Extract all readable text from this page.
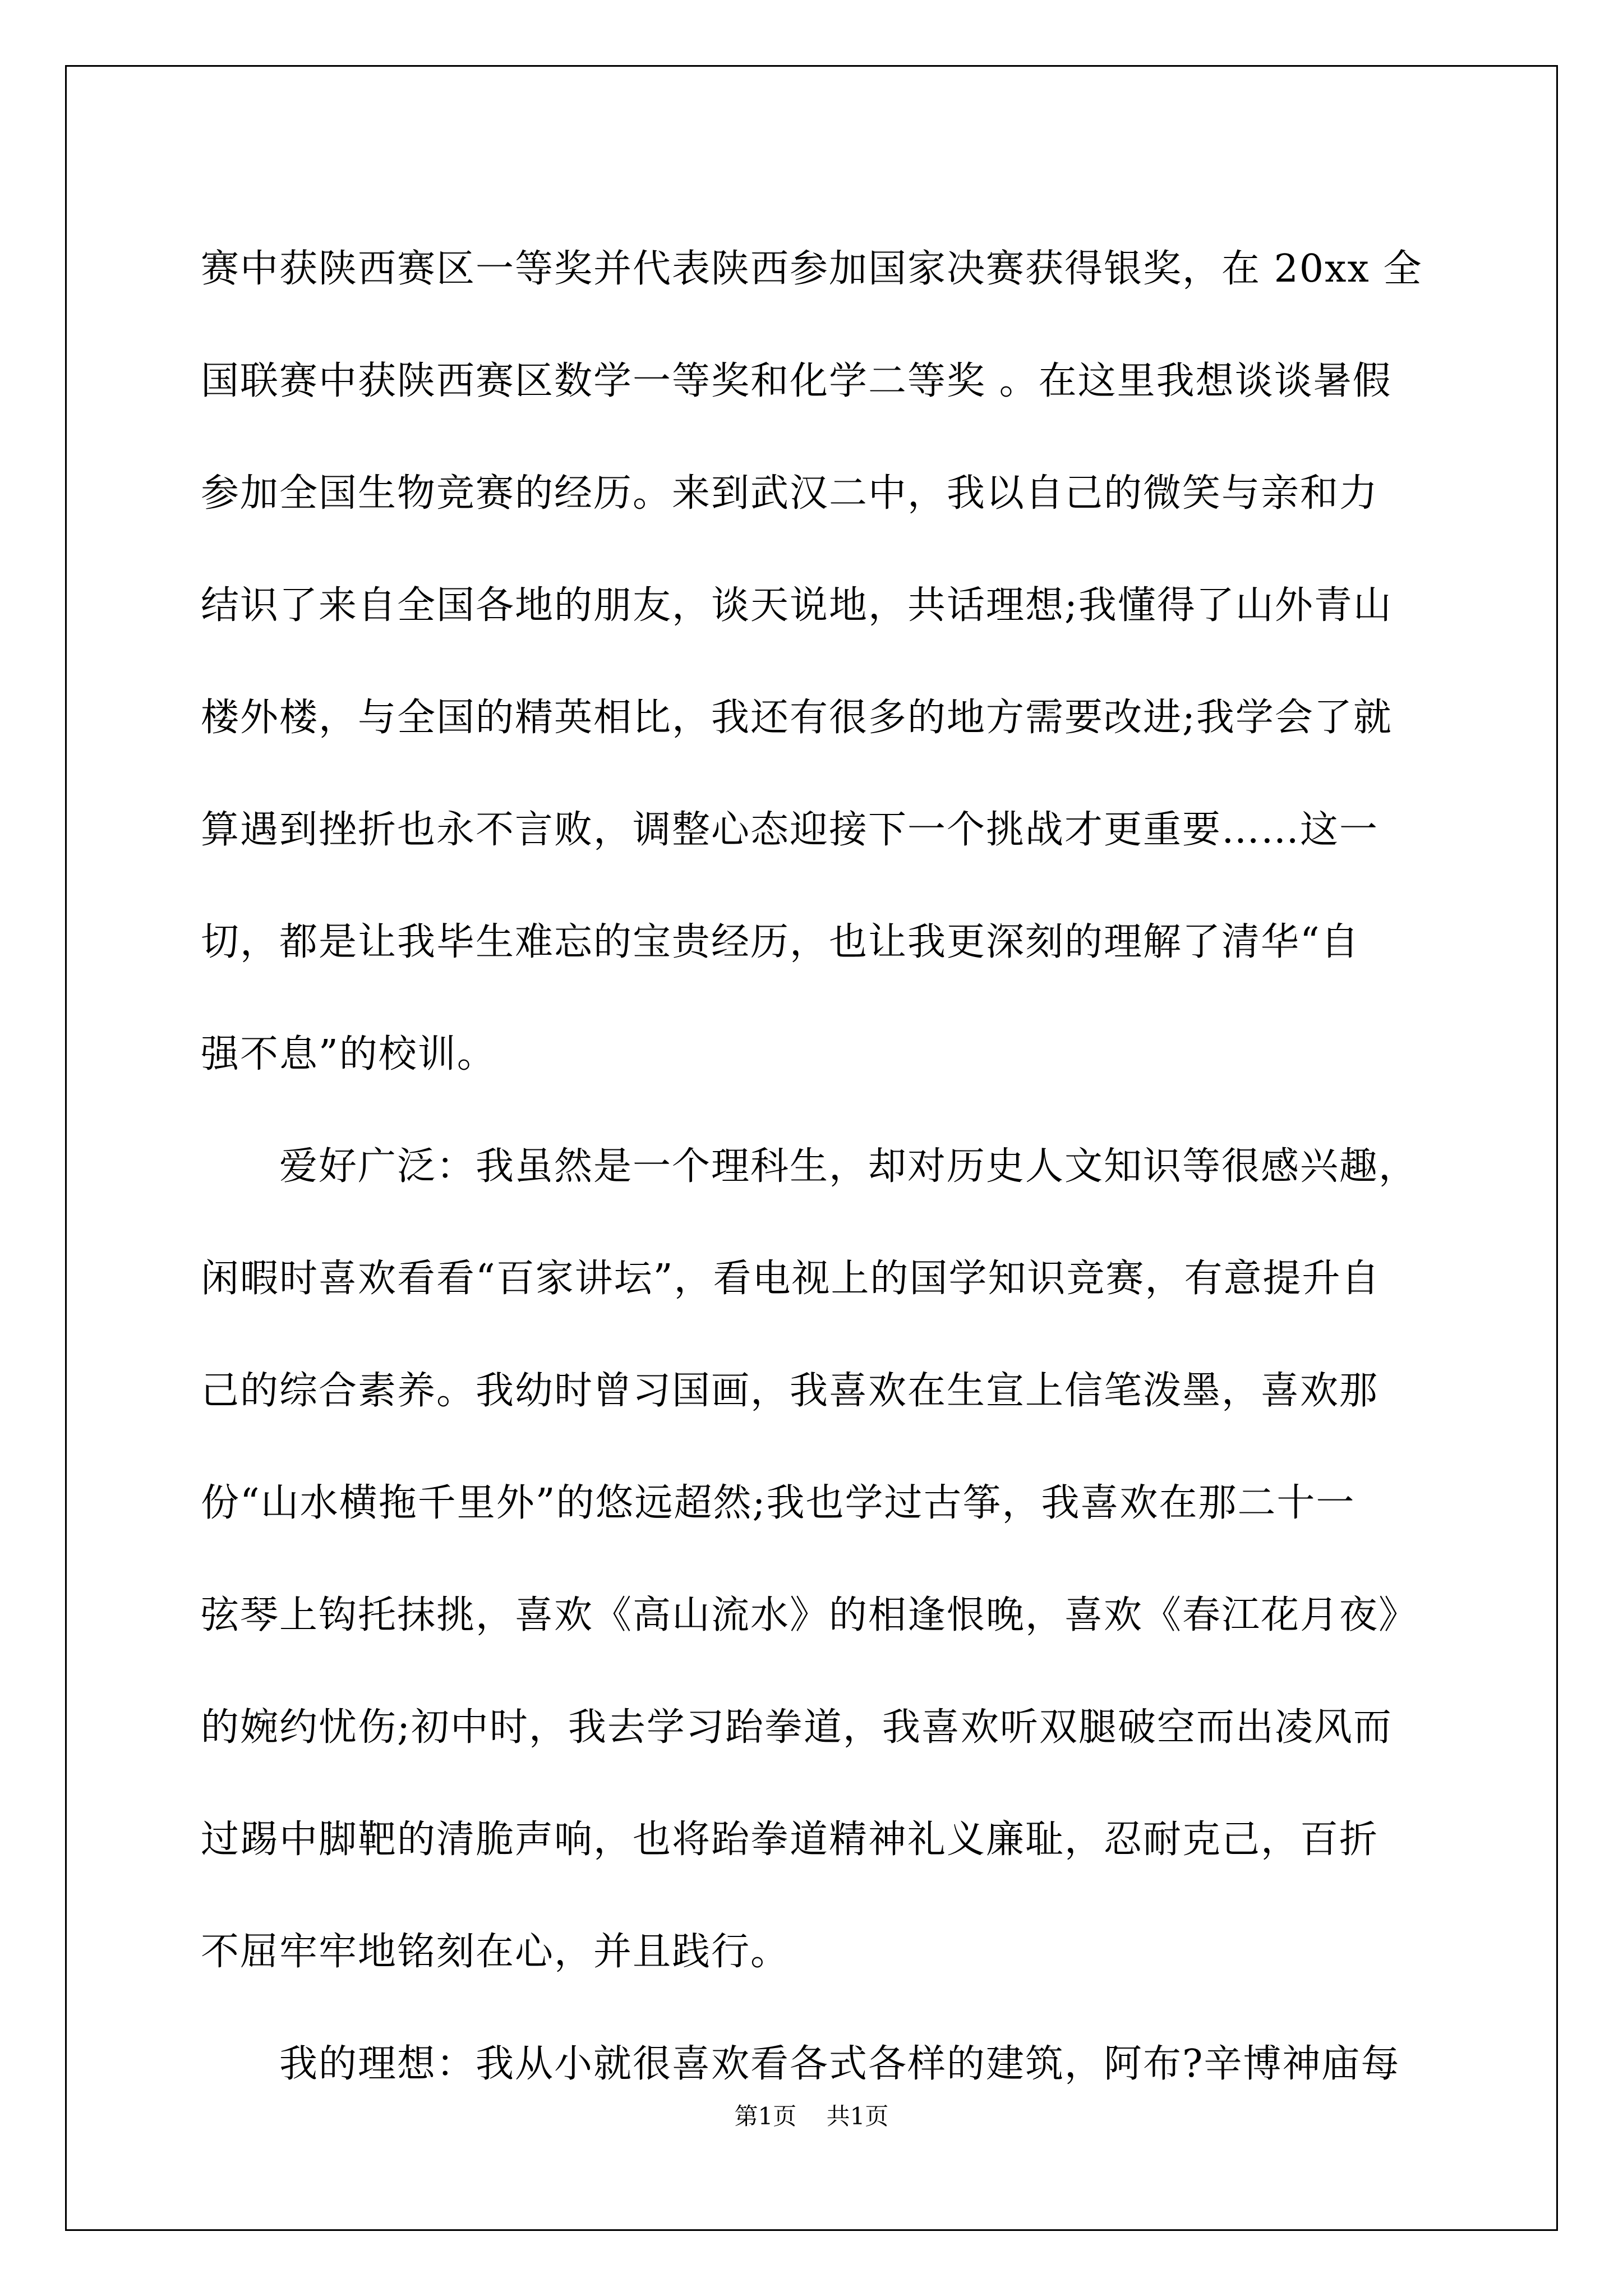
赛中获陕西赛区一等奖并代表陕西参加国家决赛获得银奖，在 20xx 全
国联赛中获陕西赛区数学一等奖和化学二等奖 。在这里我想谈谈暑假
参加全国生物竞赛的经历。来到武汉二中，我以自己的微笑与亲和力
结识了来自全国各地的朋友，谈天说地，共话理想;我懂得了山外青山
楼外楼，与全国的精英相比，我还有很多的地方需要改进;我学会了就
算遇到挫折也永不言败，调整心态迎接下一个挑战才更重要……这一
切，都是让我毕生难忘的宝贵经历，也让我更深刻的理解了清华“自
强不息”的校训。
爱好广泛：我虽然是一个理科生，却对历史人文知识等很感兴趣，
闲暇时喜欢看看“百家讲坛”，看电视上的国学知识竞赛，有意提升自
己的综合素养。我幼时曾习国画，我喜欢在生宣上信笔泼墨，喜欢那
份“山水横拖千里外”的悠远超然;我也学过古筝，我喜欢在那二十一
弦琴上钩托抹挑，喜欢《高山流水》的相逢恨晚，喜欢《春江花月夜》
的婉约忧伤;初中时，我去学习跆拳道，我喜欢听双腿破空而出凌风而
过踢中脚靶的清脆声响，也将跆拳道精神礼义廉耻，忍耐克己，百折
不屈牢牢地铭刻在心，并且践行。
我的理想：我从小就很喜欢看各式各样的建筑，阿布?辛博神庙每
第1页 共1页
